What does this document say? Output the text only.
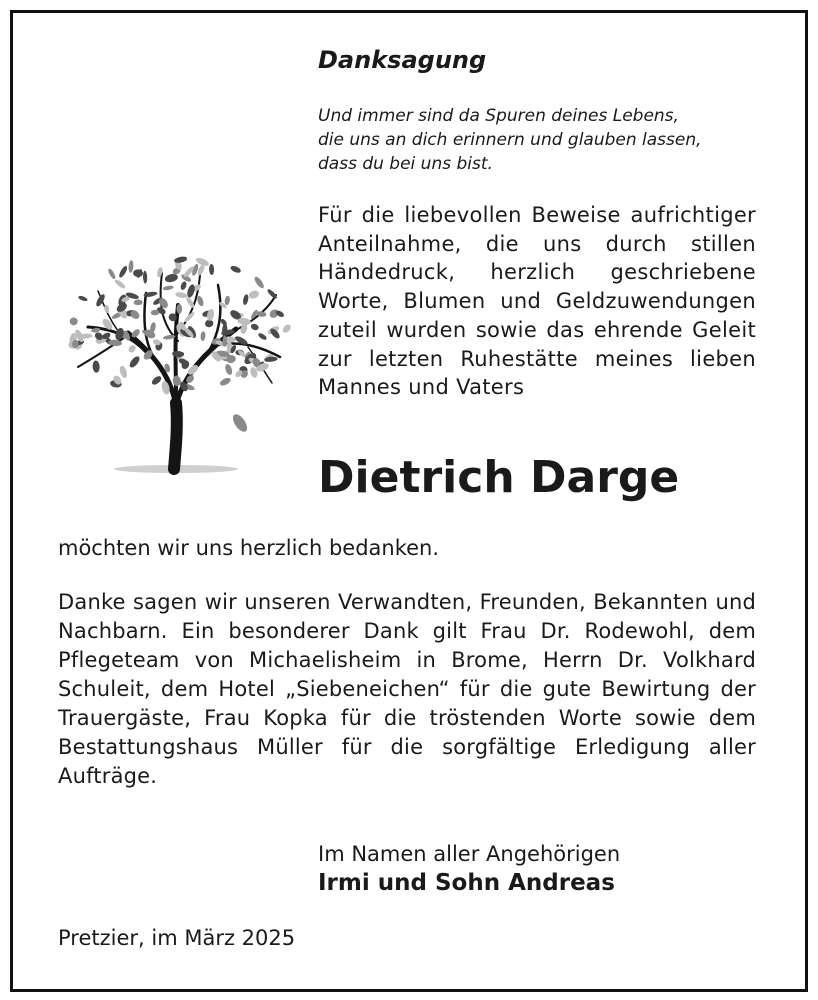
Danksagung
Und immer sind da Spuren deines Lebens,
die uns an dich erinnern und glauben lassen,
dass du bei uns bist.
Für die liebevollen Beweise aufrichtiger Anteilnahme, die uns durch stillen Händedruck, herzlich geschriebene Worte, Blumen und Geldzuwendungen zuteil wurden sowie das ehrende Geleit zur letzten Ruhestätte meines lieben Mannes und Vaters
Dietrich Darge
möchten wir uns herzlich bedanken.
Danke sagen wir unseren Verwandten, Freunden, Bekannten und Nachbarn. Ein besonderer Dank gilt Frau Dr. Rodewohl, dem Pflegeteam von Michaelisheim in Brome, Herrn Dr. Volkhard Schuleit, dem Hotel „Siebeneichen“ für die gute Bewirtung der Trauergäste, Frau Kopka für die tröstenden Worte sowie dem Bestattungshaus Müller für die sorgfältige Erledigung aller Aufträge.
Im Namen aller Angehörigen
Irmi und Sohn Andreas
Pretzier, im März 2025
